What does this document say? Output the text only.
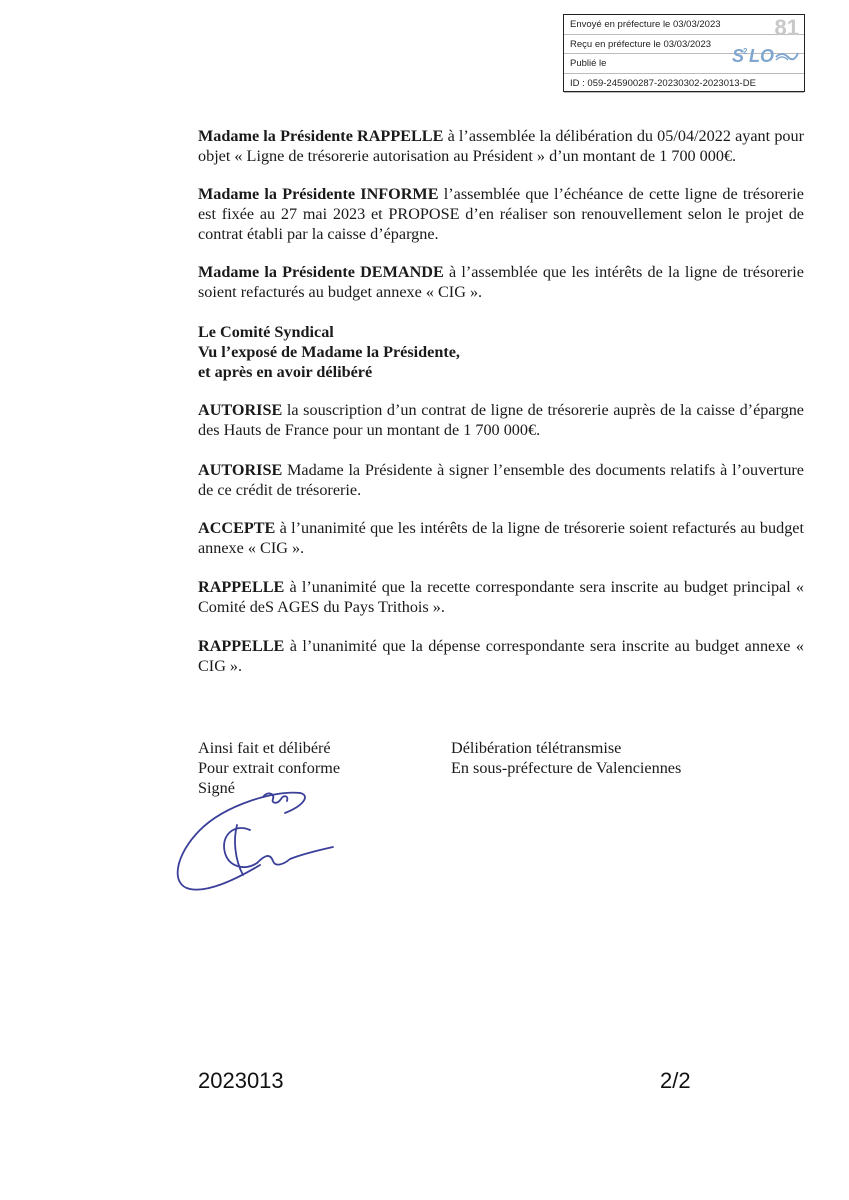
Envoyé en préfecture le 03/03/2023
Reçu en préfecture le 03/03/2023
Publié le
ID : 059-245900287-20230302-2023013-DE
81
S
2 LO
Madame la Présidente RAPPELLE à l’assemblée la délibération du 05/04/2022 ayant pour objet « Ligne de trésorerie autorisation au Président » d’un montant de 1 700 000€.
Madame la Présidente INFORME l’assemblée que l’échéance de cette ligne de trésorerie est fixée au 27 mai 2023 et PROPOSE d’en réaliser son renouvellement selon le projet de contrat établi par la caisse d’épargne.
Madame la Présidente DEMANDE à l’assemblée que les intérêts de la ligne de trésorerie soient refacturés au budget annexe « CIG ».
Le Comité Syndical
Vu l’exposé de Madame la Présidente,
et après en avoir délibéré
AUTORISE la souscription d’un contrat de ligne de trésorerie auprès de la caisse d’épargne des Hauts de France pour un montant de 1 700 000€.
AUTORISE Madame la Présidente à signer l’ensemble des documents relatifs à l’ouverture de ce crédit de trésorerie.
ACCEPTE à l’unanimité que les intérêts de la ligne de trésorerie soient refacturés au budget annexe « CIG ».
RAPPELLE à l’unanimité que la recette correspondante sera inscrite au budget principal « Comité deS AGES du Pays Trithois ».
RAPPELLE à l’unanimité que la dépense correspondante sera inscrite au budget annexe « CIG ».
Ainsi fait et délibéré
Pour extrait conforme
Signé
Délibération télétransmise
En sous-préfecture de Valenciennes
2023013	2/2
